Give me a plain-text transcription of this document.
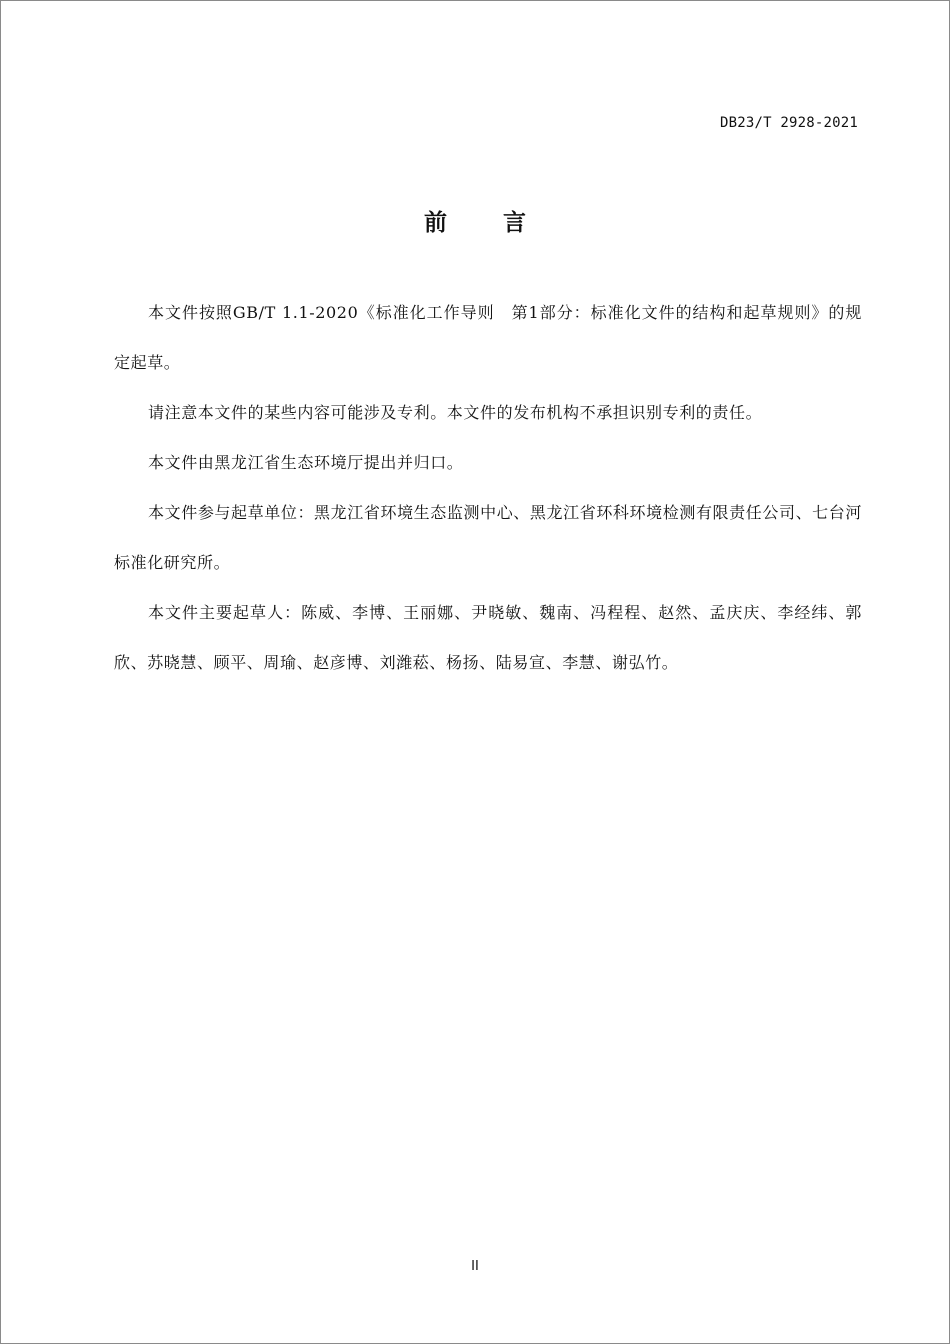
DB23/T 2928-2021
前言

本文件按照GB/T 1.1-2020《标准化工作导则　第1部分：标准化文件的结构和起草规则》的规定起草。

请注意本文件的某些内容可能涉及专利。本文件的发布机构不承担识别专利的责任。

本文件由黑龙江省生态环境厅提出并归口。

本文件参与起草单位：黑龙江省环境生态监测中心、黑龙江省环科环境检测有限责任公司、七台河标准化研究所。

本文件主要起草人：陈威、李博、王丽娜、尹晓敏、魏南、冯程程、赵然、孟庆庆、李经纬、郭欣、苏晓慧、顾平、周瑜、赵彦博、刘潍菘、杨扬、陆易宣、李慧、谢弘竹。

II
